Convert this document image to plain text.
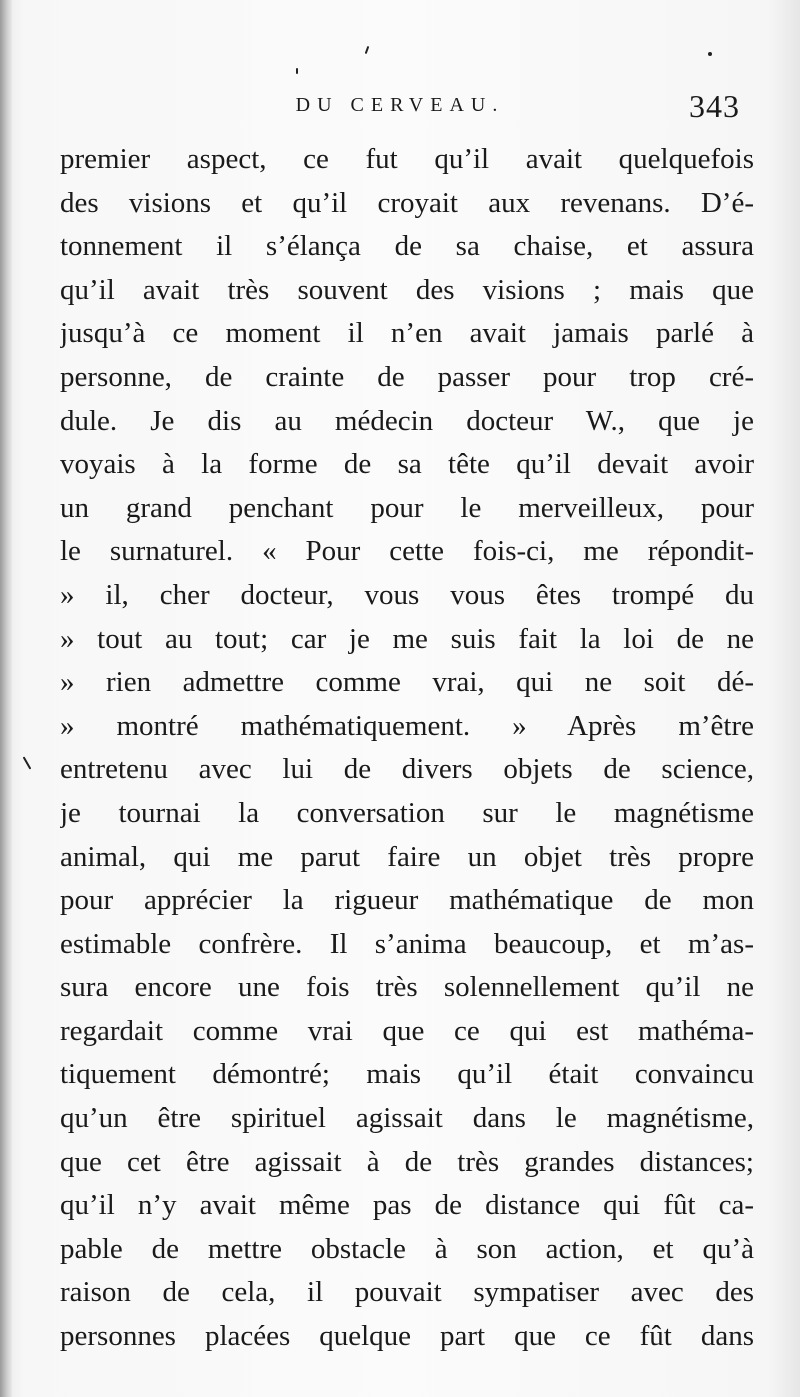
DU CERVEAU.	343
premier aspect, ce fut qu’il avait quelquefois
des visions et qu’il croyait aux revenans. D’é-
tonnement il s’élança de sa chaise, et assura
qu’il avait très souvent des visions ; mais que
jusqu’à ce moment il n’en avait jamais parlé à
personne, de crainte de passer pour trop cré-
dule. Je dis au médecin docteur W., que je
voyais à la forme de sa tête qu’il devait avoir
un grand penchant pour le merveilleux, pour
le surnaturel. « Pour cette fois-ci, me répondit-
» il, cher docteur, vous vous êtes trompé du
» tout au tout; car je me suis fait la loi de ne
» rien admettre comme vrai, qui ne soit dé-
» montré mathématiquement. » Après m’être
entretenu avec lui de divers objets de science,
je tournai la conversation sur le magnétisme
animal, qui me parut faire un objet très propre
pour apprécier la rigueur mathématique de mon
estimable confrère. Il s’anima beaucoup, et m’as-
sura encore une fois très solennellement qu’il ne
regardait comme vrai que ce qui est mathéma-
tiquement démontré; mais qu’il était convaincu
qu’un être spirituel agissait dans le magnétisme,
que cet être agissait à de très grandes distances;
qu’il n’y avait même pas de distance qui fût ca-
pable de mettre obstacle à son action, et qu’à
raison de cela, il pouvait sympatiser avec des
personnes placées quelque part que ce fût dans
